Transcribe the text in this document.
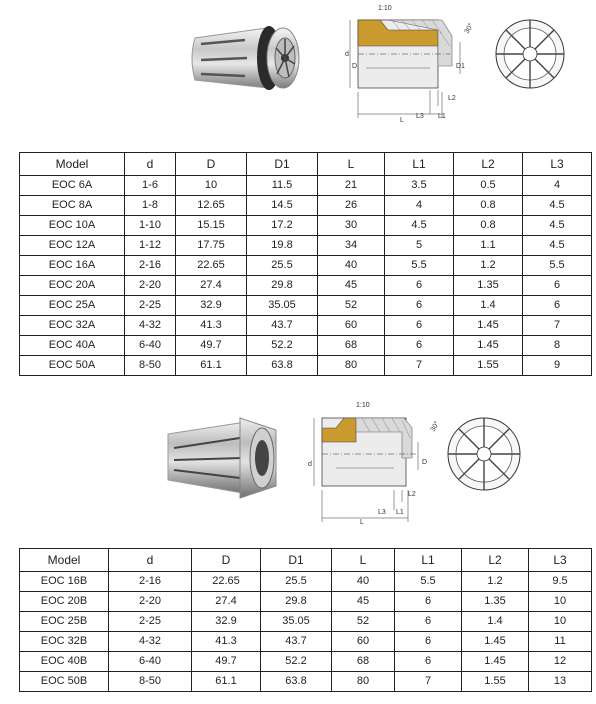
1:10
30°
d
D	D1
L
L1
L2
L3
Model	d	D	D1	L	L1	L2	L3
EOC 6A	1-6	10	11.5	21	3.5	0.5	4
EOC 8A	1-8	12.65	14.5	26	4	0.8	4.5
EOC 10A	1-10	15.15	17.2	30	4.5	0.8	4.5
EOC 12A	1-12	17.75	19.8	34	5	1.1	4.5
EOC 16A	2-16	22.65	25.5	40	5.5	1.2	5.5
EOC 20A	2-20	27.4	29.8	45	6	1.35	6
EOC 25A	2-25	32.9	35.05	52	6	1.4	6
EOC 32A	4-32	41.3	43.7	60	6	1.45	7
EOC 40A	6-40	49.7	52.2	68	6	1.45	8
EOC 50A	8-50	61.1	63.8	80	7	1.55	9
1:10
30°
d	D
L
L1
L2
L3
Model	d	D	D1	L	L1	L2	L3
EOC 16B	2-16	22.65	25.5	40	5.5	1.2	9.5
EOC 20B	2-20	27.4	29.8	45	6	1.35	10
EOC 25B	2-25	32.9	35.05	52	6	1.4	10
EOC 32B	4-32	41.3	43.7	60	6	1.45	11
EOC 40B	6-40	49.7	52.2	68	6	1.45	12
EOC 50B	8-50	61.1	63.8	80	7	1.55	13
